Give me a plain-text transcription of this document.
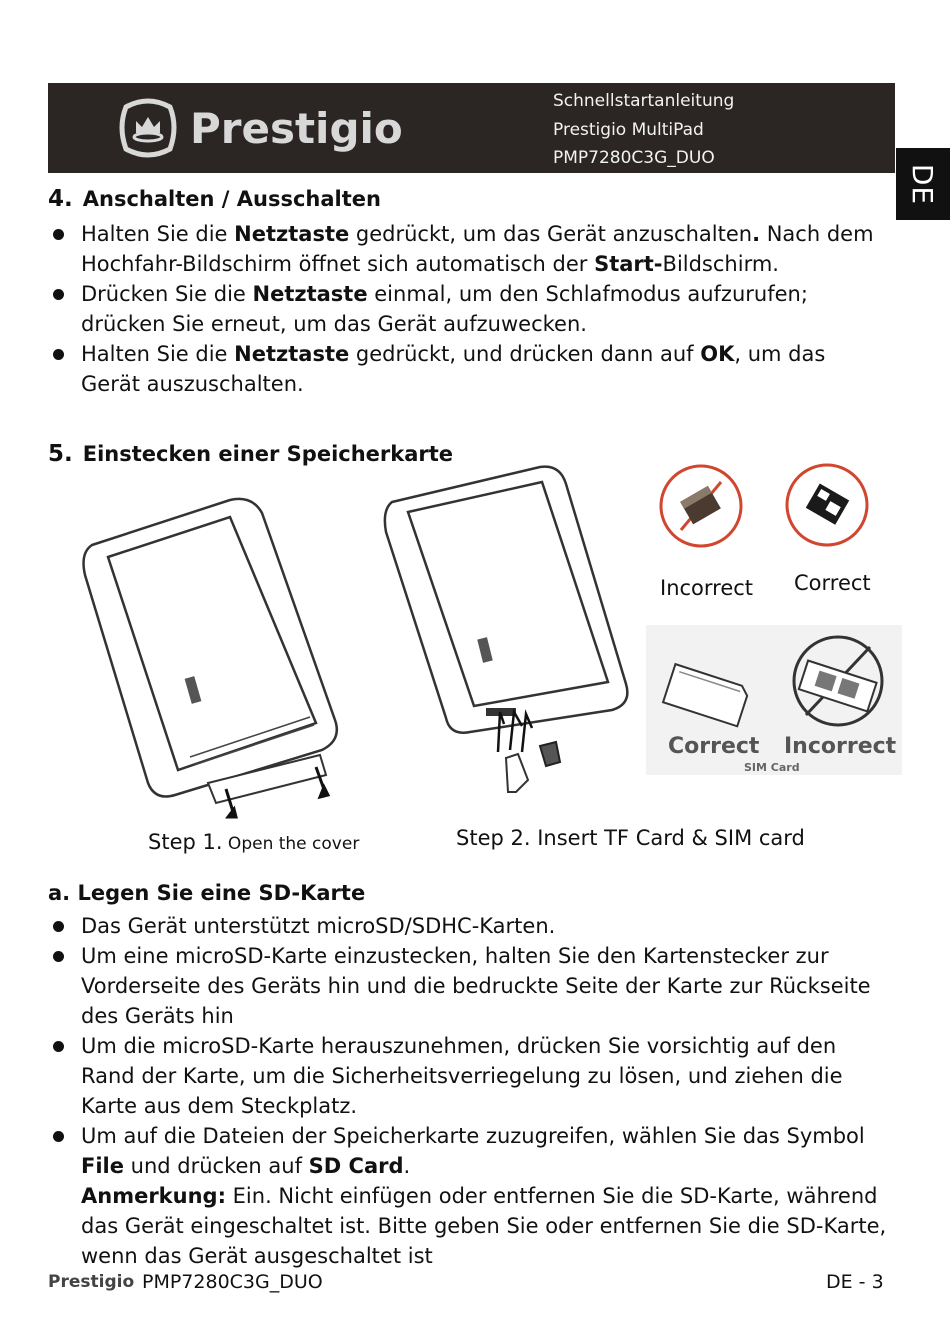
Prestigio
Schnellstartanleitung
Prestigio MultiPad
PMP7280C3G_DUO
DE
4. Anschalten / Ausschalten
Halten Sie die Netztaste gedrückt, um das Gerät anzuschalten. Nach dem Hochfahr-Bildschirm öffnet sich automatisch der Start-Bildschirm.
Drücken Sie die Netztaste einmal, um den Schlafmodus aufzurufen; drücken Sie erneut, um das Gerät aufzuwecken.
Halten Sie die Netztaste gedrückt, und drücken dann auf OK, um das Gerät auszuschalten.
5. Einstecken einer Speicherkarte
Incorrect Correct
Correct Incorrect
SIM Card
Step 1. Open the cover	Step 2. Insert TF Card & SIM card
a. Legen Sie eine SD-Karte
Das Gerät unterstützt microSD/SDHC-Karten.
Um eine microSD-Karte einzustecken, halten Sie den Kartenstecker zur Vorderseite des Geräts hin und die bedruckte Seite der Karte zur Rückseite des Geräts hin
Um die microSD-Karte herauszunehmen, drücken Sie vorsichtig auf den Rand der Karte, um die Sicherheitsverriegelung zu lösen, und ziehen die Karte aus dem Steckplatz.
Um auf die Dateien der Speicherkarte zuzugreifen, wählen Sie das Symbol File und drücken auf SD Card.
Anmerkung: Ein. Nicht einfügen oder entfernen Sie die SD-Karte, während das Gerät eingeschaltet ist. Bitte geben Sie oder entfernen Sie die SD-Karte, wenn das Gerät ausgeschaltet ist
Prestigio PMP7280C3G_DUO	DE - 3
